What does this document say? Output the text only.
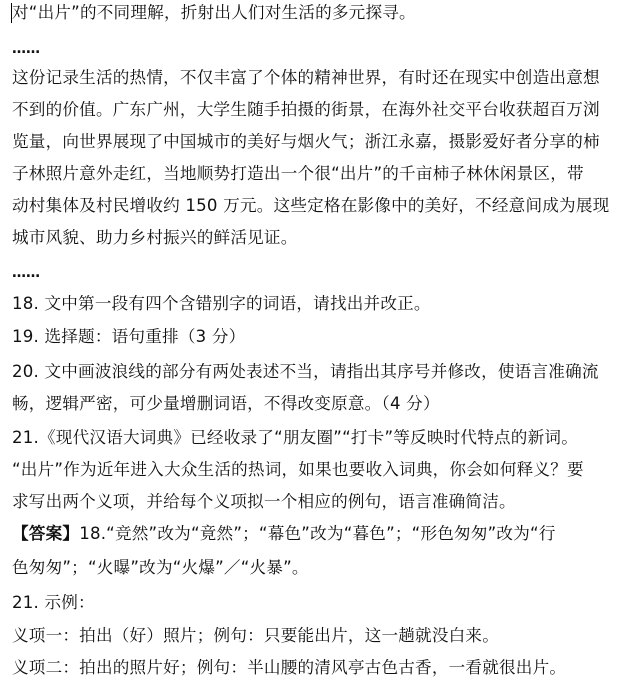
对“出片”的不同理解，折射出人们对生活的多元探寻。
……
这份记录生活的热情，不仅丰富了个体的精神世界，有时还在现实中创造出意想
不到的价值。广东广州，大学生随手拍摄的街景，在海外社交平台收获超百万浏
览量，向世界展现了中国城市的美好与烟火气；浙江永嘉，摄影爱好者分享的柿
子林照片意外走红，当地顺势打造出一个很“出片”的千亩柿子林休闲景区，带
动村集体及村民增收约 150 万元。这些定格在影像中的美好，不经意间成为展现
城市风貌、助力乡村振兴的鲜活见证。
……
18. 文中第一段有四个含错别字的词语，请找出并改正。
19. 选择题：语句重排（3 分）
20. 文中画波浪线的部分有两处表述不当，请指出其序号并修改，使语言准确流
畅，逻辑严密，可少量增删词语，不得改变原意。（4 分）
21.《现代汉语大词典》已经收录了“朋友圈”“打卡”等反映时代特点的新词。
“出片”作为近年进入大众生活的热词，如果也要收入词典，你会如何释义？要
求写出两个义项，并给每个义项拟一个相应的例句，语言准确简洁。
【答案】18.“竞然”改为“竟然”；“幕色”改为“暮色”；“形色匆匆”改为“行
色匆匆”；“火曝”改为“火爆”／“火暴”。
21. 示例：
义项一：拍出（好）照片；例句：只要能出片，这一趟就没白来。
义项二：拍出的照片好；例句：半山腰的清风亭古色古香，一看就很出片。
